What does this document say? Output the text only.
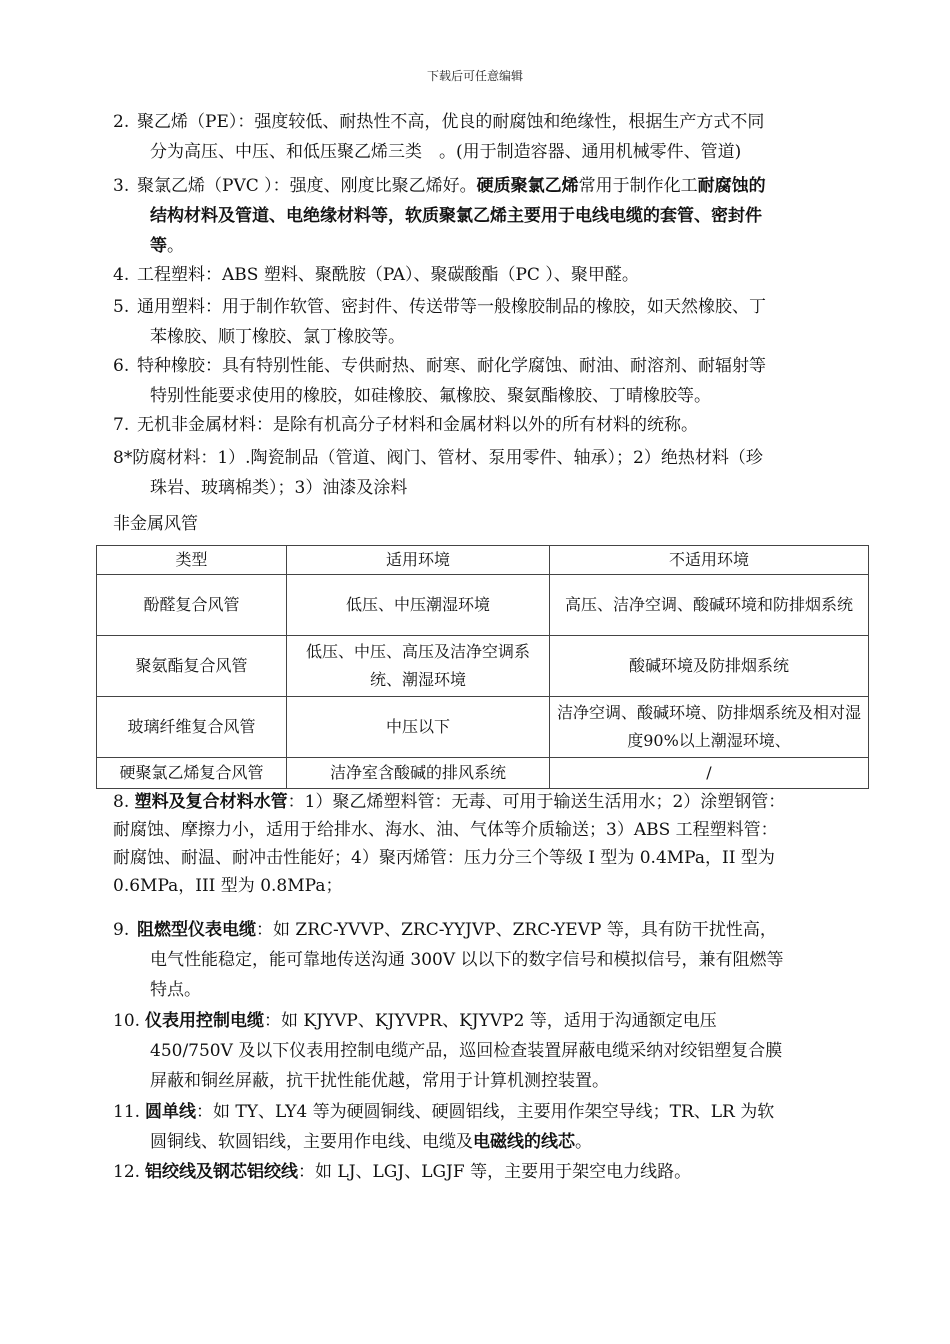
下载后可任意编辑
2. 聚乙烯（PE）：强度较低、耐热性不高，优良的耐腐蚀和绝缘性，根据生产方式不同
分为高压、中压、和低压聚乙烯三类　。(用于制造容器、通用机械零件、管道)
3. 聚氯乙烯（PVC ）：强度、刚度比聚乙烯好。硬质聚氯乙烯常用于制作化工耐腐蚀的
结构材料及管道、电绝缘材料等，软质聚氯乙烯主要用于电线电缆的套管、密封件
等。
4. 工程塑料：ABS 塑料、聚酰胺（PA）、聚碳酸酯（PC ）、聚甲醛。
5. 通用塑料：用于制作软管、密封件、传送带等一般橡胶制品的橡胶，如天然橡胶、丁
苯橡胶、顺丁橡胶、氯丁橡胶等。
6. 特种橡胶：具有特别性能、专供耐热、耐寒、耐化学腐蚀、耐油、耐溶剂、耐辐射等
特别性能要求使用的橡胶，如硅橡胶、氟橡胶、聚氨酯橡胶、丁晴橡胶等。
7. 无机非金属材料：是除有机高分子材料和金属材料以外的所有材料的统称。
8*防腐材料：1）.陶瓷制品（管道、阀门、管材、泵用零件、轴承）；2）绝热材料（珍
珠岩、玻璃棉类）；3）油漆及涂料
非金属风管
类型	适用环境	不适用环境
酚醛复合风管	低压、中压潮湿环境	高压、洁净空调、酸碱环境和防排烟系统
聚氨酯复合风管	低压、中压、高压及洁净空调系统、潮湿环境	酸碱环境及防排烟系统
玻璃纤维复合风管	中压以下	洁净空调、酸碱环境、防排烟系统及相对湿度90%以上潮湿环境、
硬聚氯乙烯复合风管	洁净室含酸碱的排风系统	/
8. 塑料及复合材料水管：1）聚乙烯塑料管：无毒、可用于输送生活用水；2）涂塑钢管：
耐腐蚀、摩擦力小，适用于给排水、海水、油、气体等介质输送；3）ABS 工程塑料管：
耐腐蚀、耐温、耐冲击性能好；4）聚丙烯管：压力分三个等级 I 型为 0.4MPa，II 型为
0.6MPa，III 型为 0.8MPa；
9. 阻燃型仪表电缆：如 ZRC-YVVP、ZRC-YYJVP、ZRC-YEVP 等，具有防干扰性高，
电气性能稳定，能可靠地传送沟通 300V 以以下的数字信号和模拟信号，兼有阻燃等
特点。
10. 仪表用控制电缆：如 KJYVP、KJYVPR、KJYVP2 等，适用于沟通额定电压
450/750V 及以下仪表用控制电缆产品，巡回检查装置屏蔽电缆采纳对绞铝塑复合膜
屏蔽和铜丝屏蔽，抗干扰性能优越，常用于计算机测控装置。
11. 圆单线：如 TY、LY4 等为硬圆铜线、硬圆铝线，主要用作架空导线；TR、LR 为软
圆铜线、软圆铝线，主要用作电线、电缆及电磁线的线芯。
12. 铝绞线及钢芯铝绞线：如 LJ、LGJ、LGJF 等，主要用于架空电力线路。
